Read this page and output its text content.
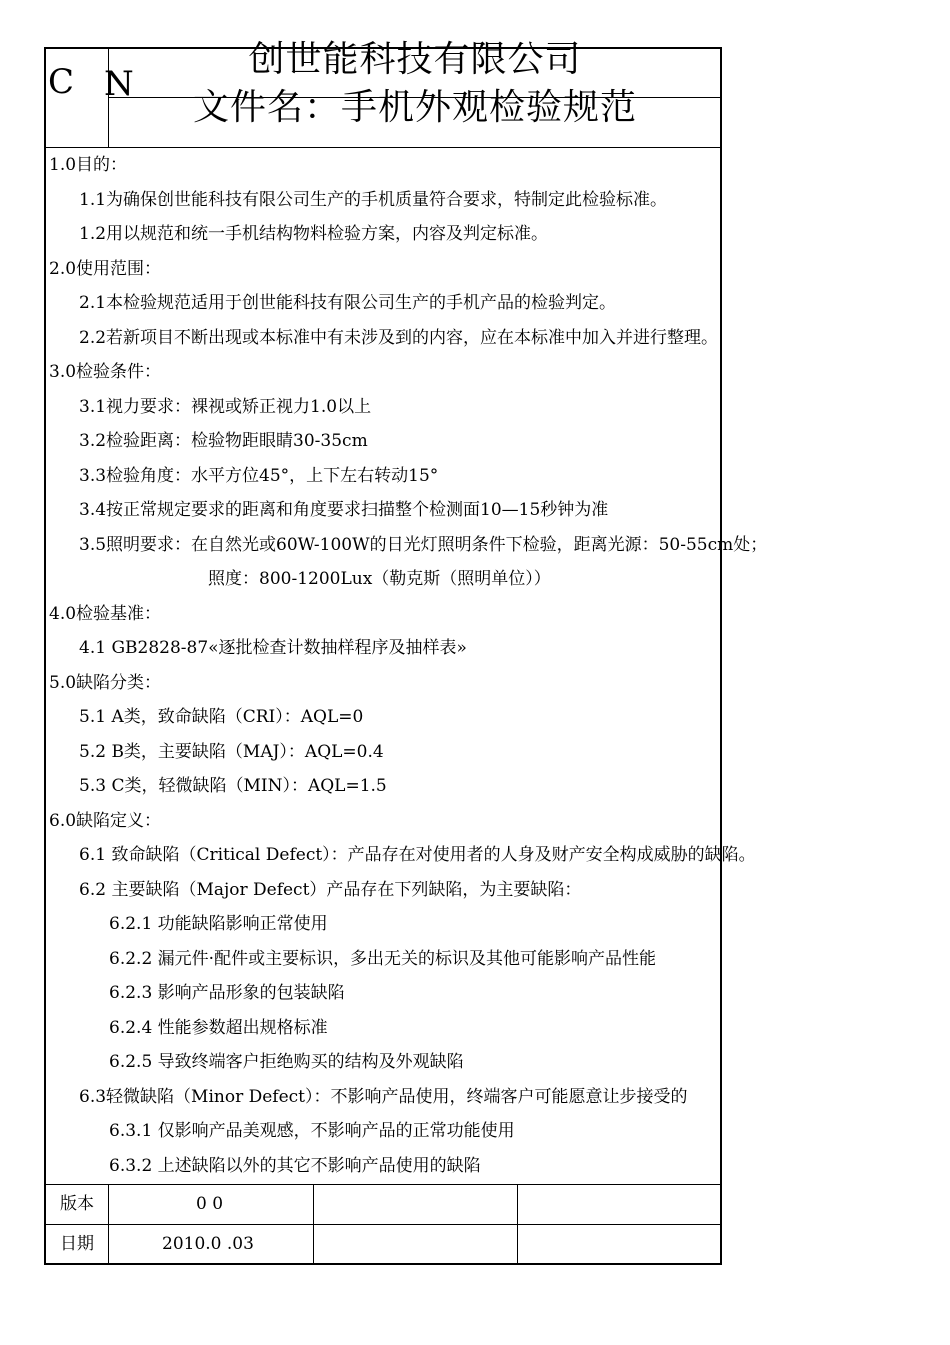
C N
创世能科技有限公司
文件名：手机外观检验规范
1.0目的：
1.1为确保创世能科技有限公司生产的手机质量符合要求，特制定此检验标准。
1.2用以规范和统一手机结构物料检验方案，内容及判定标准。
2.0使用范围：
2.1本检验规范适用于创世能科技有限公司生产的手机产品的检验判定。
2.2若新项目不断出现或本标准中有未涉及到的内容，应在本标准中加入并进行整理。
3.0检验条件：
3.1视力要求：裸视或矫正视力1.0以上
3.2检验距离：检验物距眼睛30-35cm
3.3检验角度：水平方位45°，上下左右转动15°
3.4按正常规定要求的距离和角度要求扫描整个检测面10—15秒钟为准
3.5照明要求：在自然光或60W-100W的日光灯照明条件下检验，距离光源：50-55cm处；
照度：800-1200Lux（勒克斯（照明单位））
4.0检验基准：
4.1 GB2828-87«逐批检查计数抽样程序及抽样表»
5.0缺陷分类：
5.1 A类，致命缺陷（CRI）：AQL=0
5.2 B类，主要缺陷（MAJ）：AQL=0.4
5.3 C类，轻微缺陷（MIN）：AQL=1.5
6.0缺陷定义：
6.1 致命缺陷（Critical Defect）：产品存在对使用者的人身及财产安全构成威胁的缺陷。
6.2 主要缺陷（Major Defect）产品存在下列缺陷，为主要缺陷：
6.2.1 功能缺陷影响正常使用
6.2.2 漏元件·配件或主要标识，多出无关的标识及其他可能影响产品性能
6.2.3 影响产品形象的包装缺陷
6.2.4 性能参数超出规格标准
6.2.5 导致终端客户拒绝购买的结构及外观缺陷
6.3轻微缺陷（Minor Defect）：不影响产品使用，终端客户可能愿意让步接受的
6.3.1 仅影响产品美观感，不影响产品的正常功能使用
6.3.2 上述缺陷以外的其它不影响产品使用的缺陷
版本	0 0
日期	2010.0 .03
